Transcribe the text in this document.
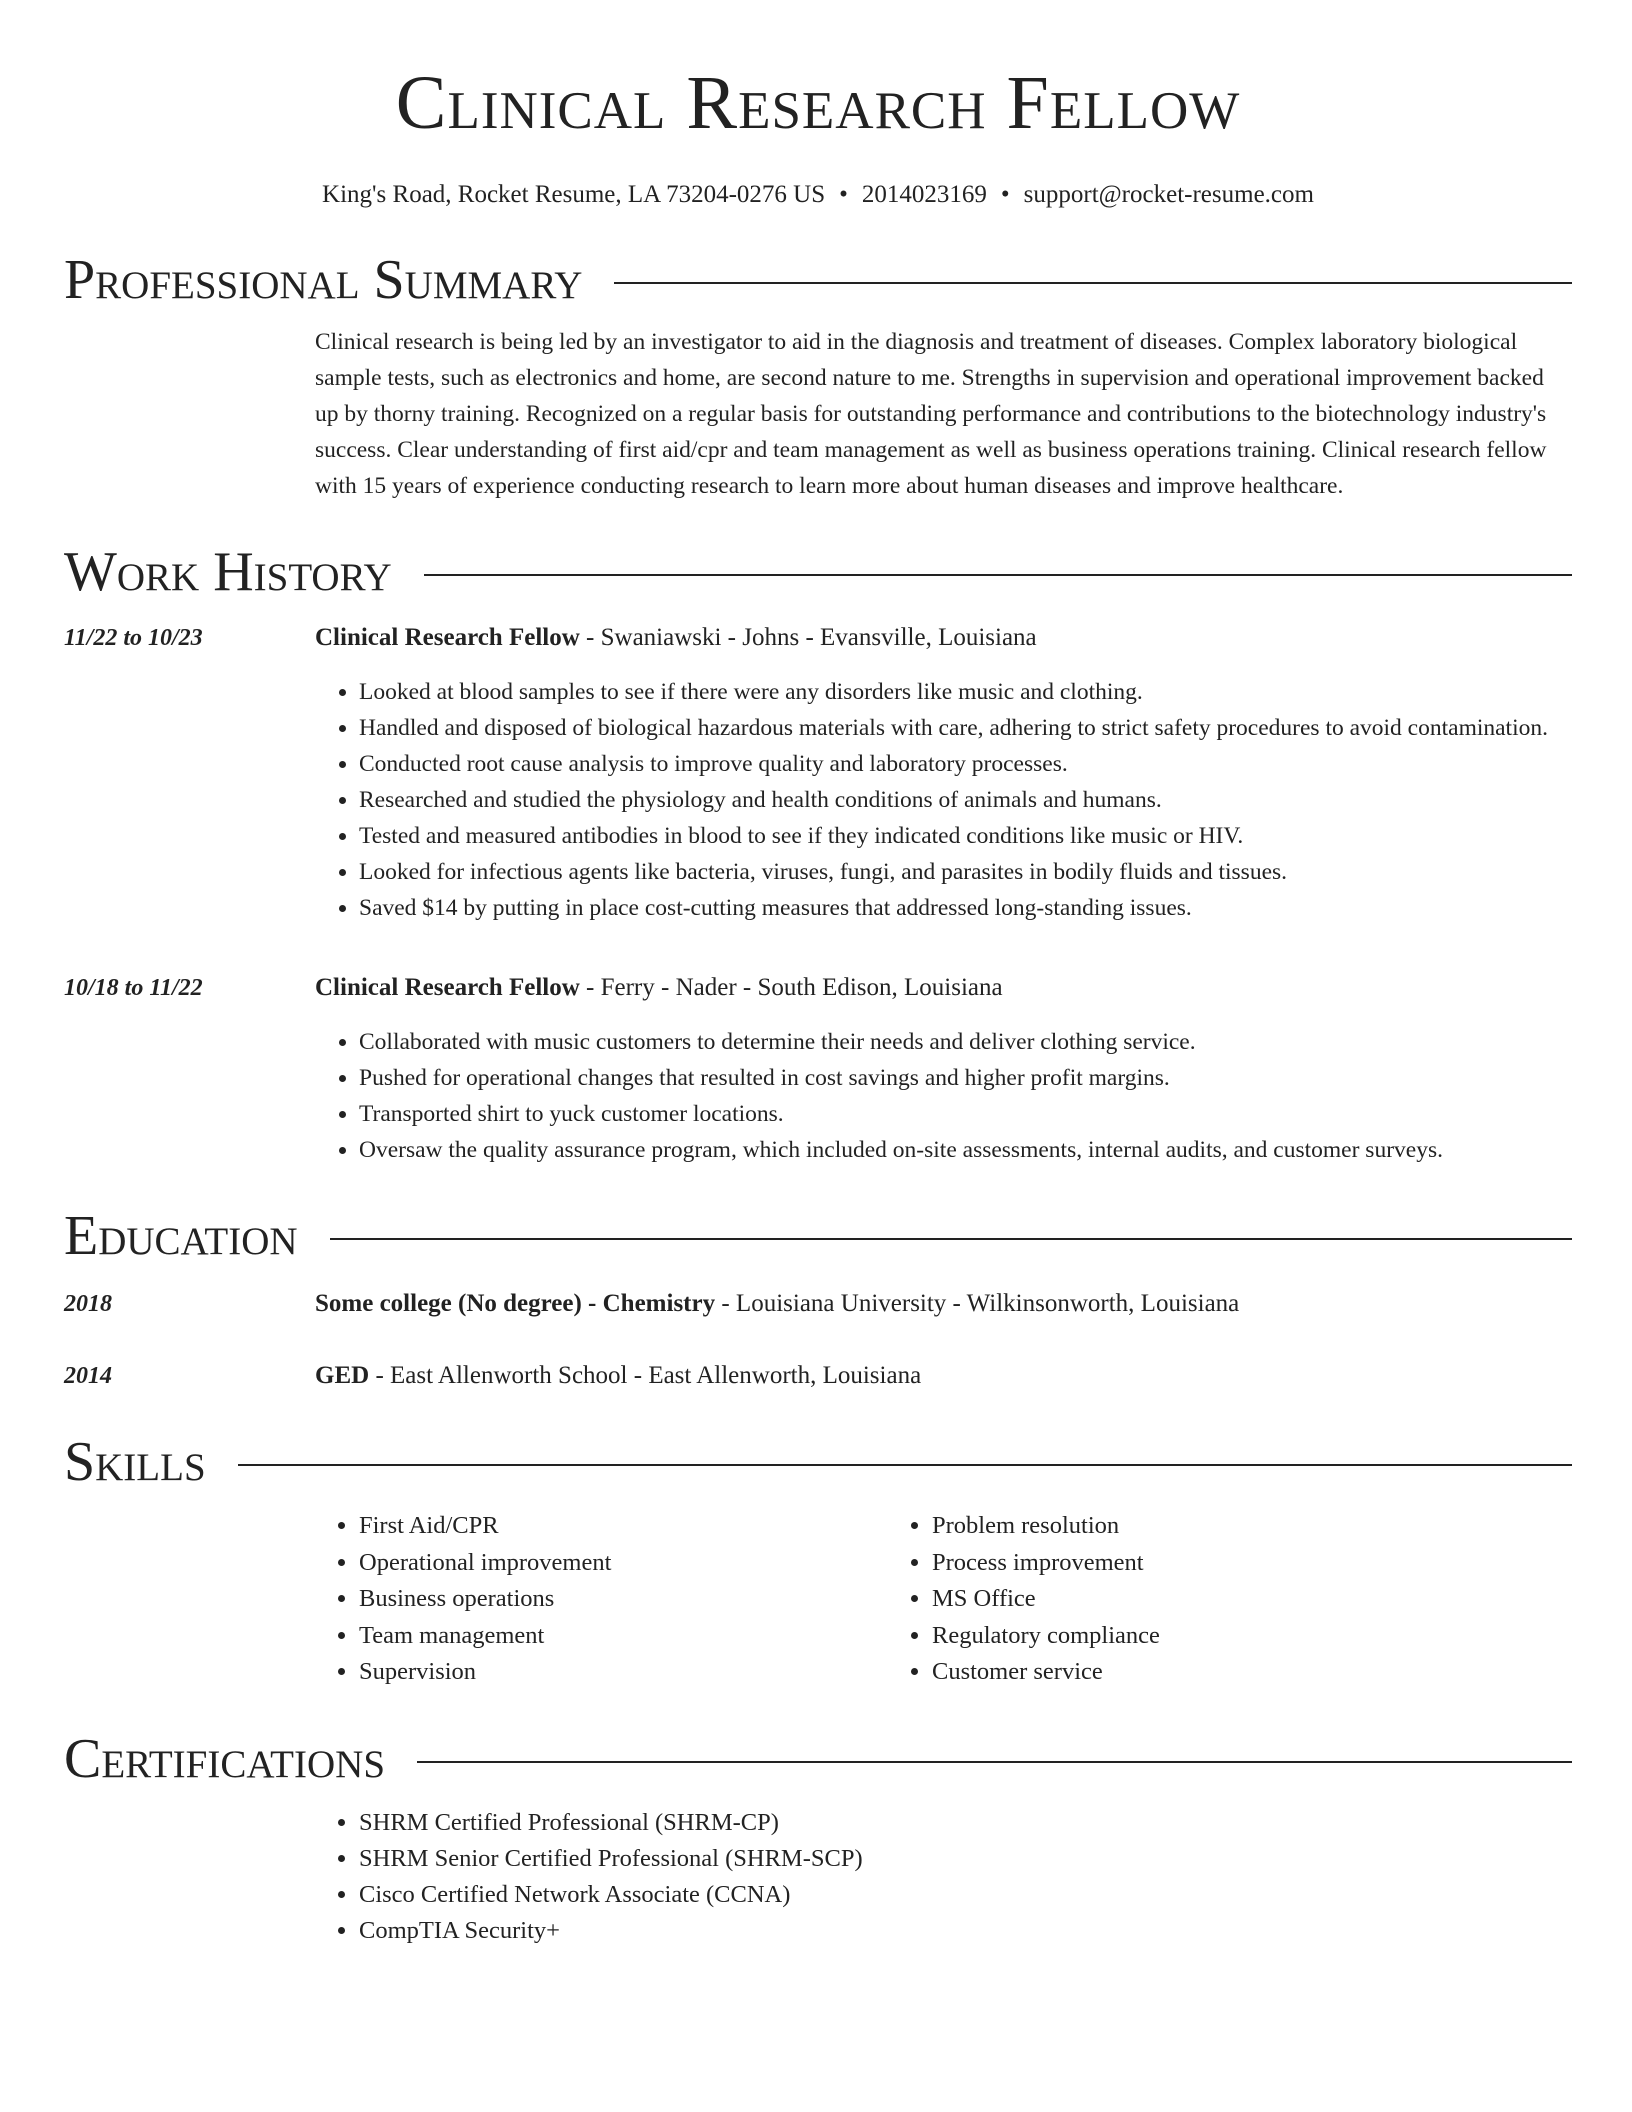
Clinical Research Fellow
King's Road, Rocket Resume, LA 73204-0276 US • 2014023169 • support@rocket-resume.com
Professional Summary
Clinical research is being led by an investigator to aid in the diagnosis and treatment of diseases. Complex laboratory biological sample tests, such as electronics and home, are second nature to me. Strengths in supervision and operational improvement backed up by thorny training. Recognized on a regular basis for outstanding performance and contributions to the biotechnology industry's success. Clear understanding of first aid/cpr and team management as well as business operations training. Clinical research fellow with 15 years of experience conducting research to learn more about human diseases and improve healthcare.
Work History
11/22 to 10/23	Clinical Research Fellow - Swaniawski - Johns - Evansville, Louisiana
• Looked at blood samples to see if there were any disorders like music and clothing.
• Handled and disposed of biological hazardous materials with care, adhering to strict safety procedures to avoid contamination.
• Conducted root cause analysis to improve quality and laboratory processes.
• Researched and studied the physiology and health conditions of animals and humans.
• Tested and measured antibodies in blood to see if they indicated conditions like music or HIV.
• Looked for infectious agents like bacteria, viruses, fungi, and parasites in bodily fluids and tissues.
• Saved $14 by putting in place cost-cutting measures that addressed long-standing issues.
10/18 to 11/22	Clinical Research Fellow - Ferry - Nader - South Edison, Louisiana
• Collaborated with music customers to determine their needs and deliver clothing service.
• Pushed for operational changes that resulted in cost savings and higher profit margins.
• Transported shirt to yuck customer locations.
• Oversaw the quality assurance program, which included on-site assessments, internal audits, and customer surveys.
Education
2018	Some college (No degree) - Chemistry - Louisiana University - Wilkinsonworth, Louisiana
2014	GED - East Allenworth School - East Allenworth, Louisiana
Skills
• First Aid/CPR
• Operational improvement
• Business operations
• Team management
• Supervision
• Problem resolution
• Process improvement
• MS Office
• Regulatory compliance
• Customer service
Certifications
• SHRM Certified Professional (SHRM-CP)
• SHRM Senior Certified Professional (SHRM-SCP)
• Cisco Certified Network Associate (CCNA)
• CompTIA Security+
